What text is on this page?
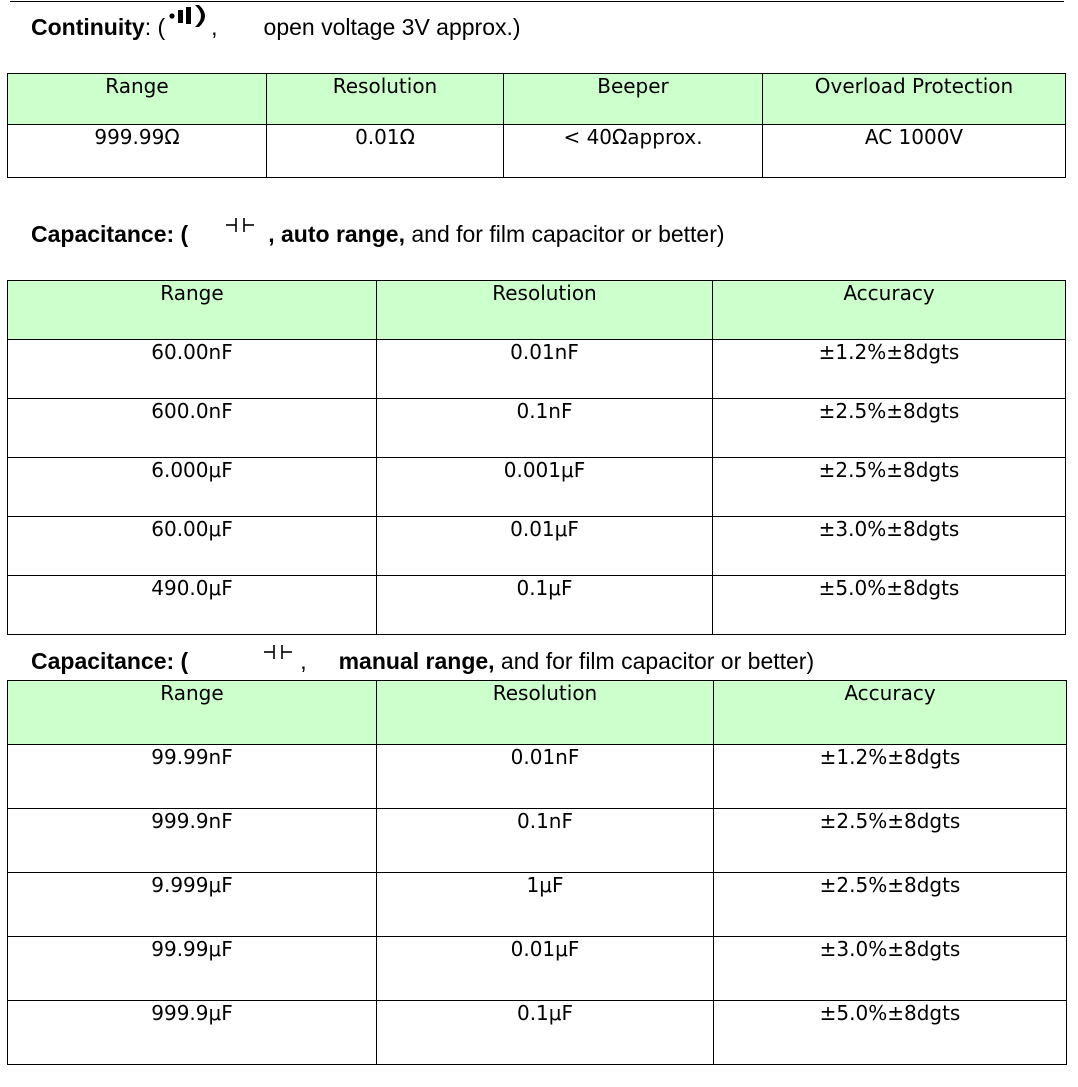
Continuity: ( , open voltage 3V approx.)
Range	Resolution	Beeper	Overload Protection
999.99Ω	0.01Ω	< 40Ωapprox.	AC 1000V
Capacitance: (	, auto range, and for film capacitor or better)
Range	Resolution	Accuracy
60.00nF	0.01nF	±1.2%±8dgts
600.0nF	0.1nF	±2.5%±8dgts
6.000μF	0.001μF	±2.5%±8dgts
60.00μF	0.01μF	±3.0%±8dgts
490.0μF	0.1μF	±5.0%±8dgts
Capacitance: (	, manual range, and for film capacitor or better)
Range	Resolution	Accuracy
99.99nF	0.01nF	±1.2%±8dgts
999.9nF	0.1nF	±2.5%±8dgts
9.999μF	1μF	±2.5%±8dgts
99.99μF	0.01μF	±3.0%±8dgts
999.9μF	0.1μF	±5.0%±8dgts
